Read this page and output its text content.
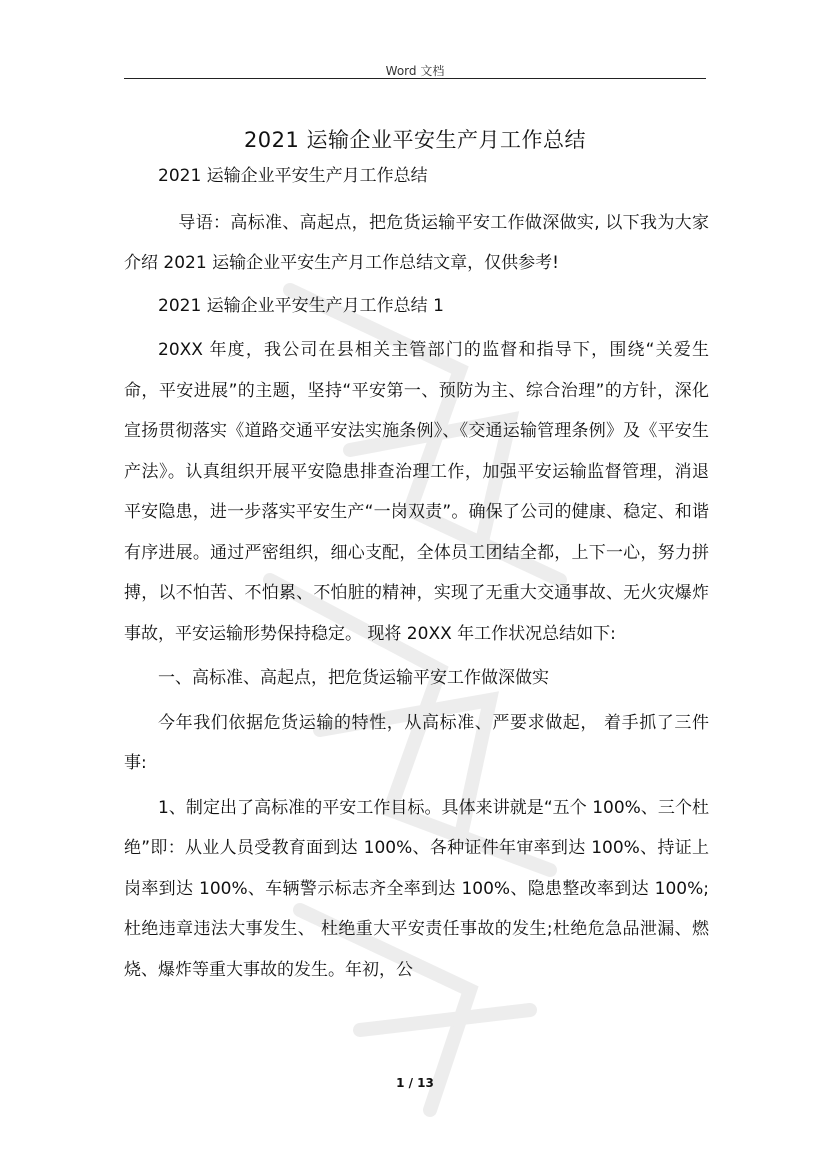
Word 文档
2021 运输企业平安生产月工作总结

2021 运输企业平安生产月工作总结

导语：高标准、高起点，把危货运输平安工作做深做实, 以下我为大家介绍 2021 运输企业平安生产月工作总结文章，仅供参考!

2021 运输企业平安生产月工作总结 1

20XX 年度，我公司在县相关主管部门的监督和指导下，围绕“关爱生命，平安进展”的主题，坚持“平安第一、预防为主、综合治理”的方针，深化宣扬贯彻落实《道路交通平安法实施条例》、《交通运输管理条例》及《平安生产法》。认真组织开展平安隐患排查治理工作，加强平安运输监督管理，消退平安隐患，进一步落实平安生产“一岗双责”。确保了公司的健康、稳定、和谐有序进展。通过严密组织，细心支配，全体员工团结全都，上下一心，努力拼搏，以不怕苦、不怕累、不怕脏的精神，实现了无重大交通事故、无火灾爆炸事故，平安运输形势保持稳定。 现将 20XX 年工作状况总结如下:

一、高标准、高起点，把危货运输平安工作做深做实

今年我们依据危货运输的特性，从高标准、严要求做起， 着手抓了三件事:

1、制定出了高标准的平安工作目标。具体来讲就是“五个 100%、三个杜绝”即：从业人员受教育面到达 100%、各种证件年审率到达 100%、持证上岗率到达 100%、车辆警示标志齐全率到达 100%、隐患整改率到达 100%;杜绝违章违法大事发生、 杜绝重大平安责任事故的发生;杜绝危急品泄漏、燃烧、爆炸等重大事故的发生。年初，公

1 / 13
